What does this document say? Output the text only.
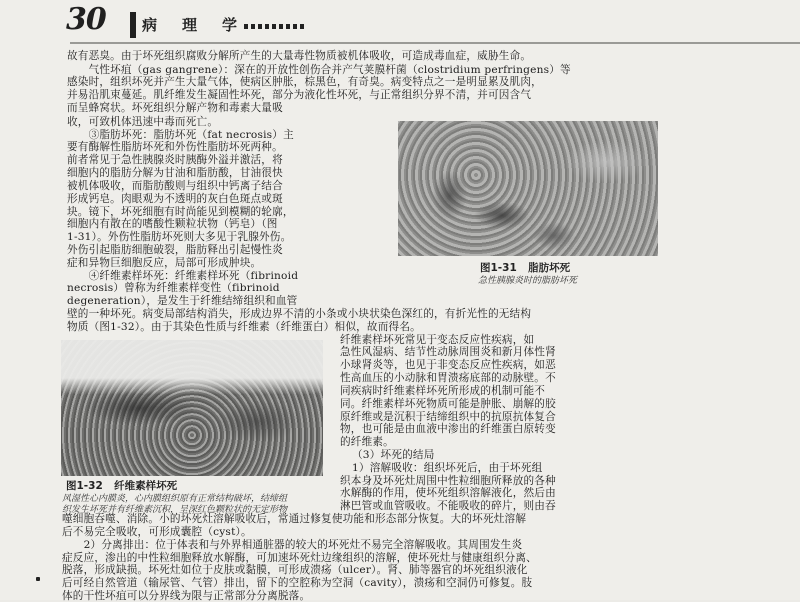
30 病　理　学
故有恶臭。由于坏死组织腐败分解所产生的大量毒性物质被机体吸收，可造成毒血症，威胁生命。
　　气性坏疽（gas gangrene）：深在的开放性创伤合并产气荚膜杆菌（clostridium perfringens）等
感染时，组织坏死并产生大量气体，使病区肿胀，棕黑色，有奇臭。病变特点之一是明显累及肌肉，
并易沿肌束蔓延。肌纤维发生凝固性坏死，部分为液化性坏死，与正常组织分界不清，并可因含气
而呈蜂窝状。坏死组织分解产物和毒素大量吸
收，可致机体迅速中毒而死亡。
　　③脂肪坏死：脂肪坏死（fat necrosis）主
要有酶解性脂肪坏死和外伤性脂肪坏死两种。
前者常见于急性胰腺炎时胰酶外溢并激活，将
细胞内的脂肪分解为甘油和脂肪酸，甘油很快
被机体吸收，而脂肪酸则与组织中钙离子结合
形成钙皂。肉眼观为不透明的灰白色斑点或斑
块。镜下，坏死细胞有时尚能见到模糊的轮廓，
细胞内有散在的嗜酸性颗粒状物（钙皂）（图
1-31）。外伤性脂肪坏死则大多见于乳腺外伤。
外伤引起脂肪细胞破裂，脂肪释出引起慢性炎
症和异物巨细胞反应，局部可形成肿块。
　　④纤维素样坏死：纤维素样坏死（fibrinoid
necrosis）曾称为纤维素样变性（fibrinoid
degeneration），是发生于纤维结缔组织和血管
图1-31 脂肪坏死
急性胰腺炎时的脂肪坏死
图1-32 纤维素样坏死
风湿性心内膜炎，心内膜组织原有正常结构破坏，结缔组
织发生坏死并有纤维素沉积，呈深红色颗粒状的无定形物
壁的一种坏死。病变局部结构消失，形成边界不清的小条或小块状染色深红的，有折光性的无结构
物质（图1-32）。由于其染色性质与纤维素（纤维蛋白）相似，故而得名。
纤维素样坏死常见于变态反应性疾病，如
急性风湿病、结节性动脉周围炎和新月体性肾
小球肾炎等，也见于非变态反应性疾病，如恶
性高血压的小动脉和胃溃疡底部的动脉壁。不
同疾病时纤维素样坏死所形成的机制可能不
同。纤维素样坏死物质可能是肿胀、崩解的胶
原纤维或是沉积于结缔组织中的抗原抗体复合
物，也可能是由血液中渗出的纤维蛋白原转变
的纤维素。
（3）坏死的结局
1）溶解吸收：组织坏死后，由于坏死组
织本身及坏死灶周围中性粒细胞所释放的各种
水解酶的作用，使坏死组织溶解液化，然后由
淋巴管或血管吸收。不能吸收的碎片，则由吞
噬细胞吞噬、消除。小的坏死灶溶解吸收后，常通过修复使功能和形态部分恢复。大的坏死灶溶解
后不易完全吸收，可形成囊腔（cyst）。
　　2）分离排出：位于体表和与外界相通脏器的较大的坏死灶不易完全溶解吸收。其周围发生炎
症反应，渗出的中性粒细胞释放水解酶，可加速坏死灶边缘组织的溶解，使坏死灶与健康组织分离、
脱落，形成缺损。坏死灶如位于皮肤或黏膜，可形成溃疡（ulcer）。肾、肺等器官的坏死组织液化
后可经自然管道（输尿管、气管）排出，留下的空腔称为空洞（cavity），溃疡和空洞仍可修复。肢
体的干性坏疽可以分界线为限与正常部分分离脱落。
